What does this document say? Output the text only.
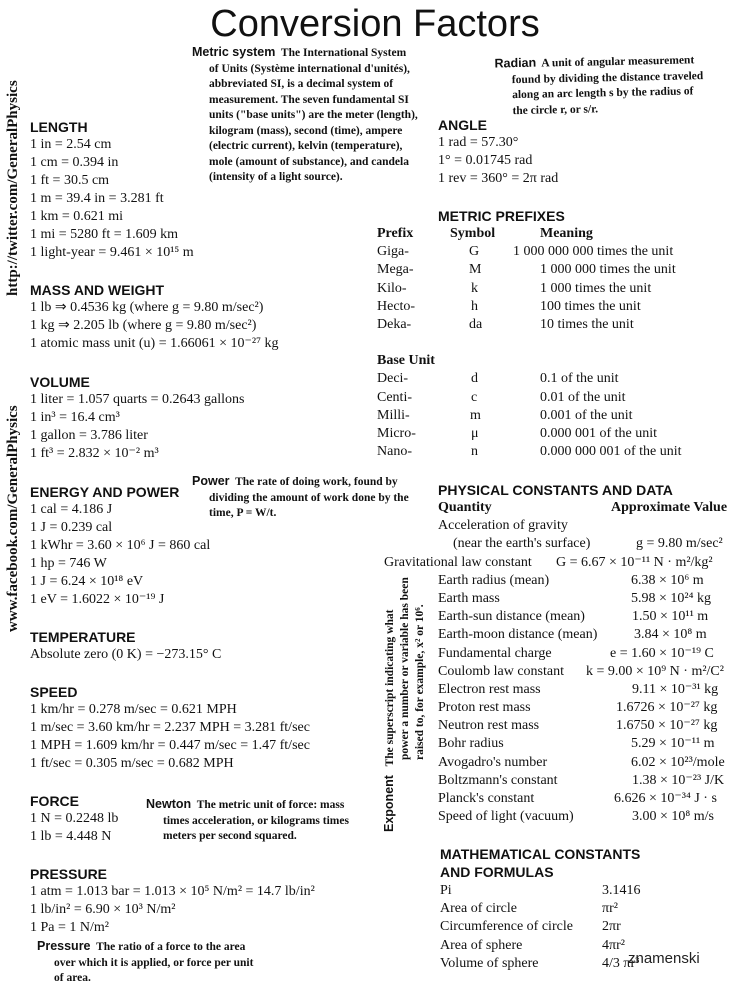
Conversion Factors
http://twitter.com/GeneralPhysics
www.facebook.com/GeneralPhysics
LENGTH
1 in = 2.54 cm
1 cm = 0.394 in
1 ft = 30.5 cm
1 m = 39.4 in = 3.281 ft
1 km = 0.621 mi
1 mi = 5280 ft = 1.609 km
1 light-year = 9.461 × 10¹⁵ m
MASS AND WEIGHT
1 lb ⇒ 0.4536 kg (where g = 9.80 m/sec²)
1 kg ⇒ 2.205 lb (where g = 9.80 m/sec²)
1 atomic mass unit (u) = 1.66061 × 10⁻²⁷ kg
VOLUME
1 liter = 1.057 quarts = 0.2643 gallons
1 in³ = 16.4 cm³
1 gallon = 3.786 liter
1 ft³ = 2.832 × 10⁻² m³
ENERGY AND POWER
1 cal = 4.186 J
1 J = 0.239 cal
1 kWhr = 3.60 × 10⁶ J = 860 cal
1 hp = 746 W
1 J = 6.24 × 10¹⁸ eV
1 eV = 1.6022 × 10⁻¹⁹ J
TEMPERATURE
Absolute zero (0 K) = −273.15° C
SPEED
1 km/hr = 0.278 m/sec = 0.621 MPH
1 m/sec = 3.60 km/hr = 2.237 MPH = 3.281 ft/sec
1 MPH = 1.609 km/hr = 0.447 m/sec = 1.47 ft/sec
1 ft/sec = 0.305 m/sec = 0.682 MPH
FORCE
1 N = 0.2248 lb
1 lb = 4.448 N
PRESSURE
1 atm = 1.013 bar = 1.013 × 10⁵ N/m² = 14.7 lb/in²
1 lb/in² = 6.90 × 10³ N/m²
1 Pa = 1 N/m²
Metric system The International System
of Units (Système international d'unités),
abbreviated SI, is a decimal system of
measurement. The seven fundamental SI
units ("base units") are the meter (length),
kilogram (mass), second (time), ampere
(electric current), kelvin (temperature),
mole (amount of substance), and candela
(intensity of a light source).
Radian A unit of angular measurement
found by dividing the distance traveled
along an arc length s by the radius of
the circle r, or s/r.
Power The rate of doing work, found by
dividing the amount of work done by the
time, P = W/t.
Newton The metric unit of force: mass
times acceleration, or kilograms times
meters per second squared.
Pressure The ratio of a force to the area
over which it is applied, or force per unit
of area.
Exponent   The superscript indicating what power a number or variable has been raised to, for example, x² or 10⁶.
ANGLE
1 rad = 57.30°
1° = 0.01745 rad
1 rev = 360° = 2π rad
METRIC PREFIXES
Prefix	Symbol	Meaning
Giga-	G 1 000 000 000 times the unit
Mega-	M	1 000 000 times the unit
Kilo-	k	1 000 times the unit
Hecto-	h	100 times the unit
Deka-	da	10 times the unit
Base Unit
Deci-	d	0.1 of the unit
Centi-	c	0.01 of the unit
Milli-	m	0.001 of the unit
Micro-	μ	0.000 001 of the unit
Nano-	n	0.000 000 001 of the unit
PHYSICAL CONSTANTS AND DATA
Quantity	Approximate Value
Acceleration of gravity
(near the earth's surface)	g = 9.80 m/sec²
Gravitational law constant G = 6.67 × 10⁻¹¹ N · m²/kg²
Earth radius (mean)	6.38 × 10⁶ m
Earth mass	5.98 × 10²⁴ kg
Earth-sun distance (mean)	1.50 × 10¹¹ m
Earth-moon distance (mean)	3.84 × 10⁸ m
Fundamental charge	e = 1.60 × 10⁻¹⁹ C
Coulomb law constant k = 9.00 × 10⁹ N · m²/C²
Electron rest mass	9.11 × 10⁻³¹ kg
Proton rest mass	1.6726 × 10⁻²⁷ kg
Neutron rest mass	1.6750 × 10⁻²⁷ kg
Bohr radius	5.29 × 10⁻¹¹ m
Avogadro's number	6.02 × 10²³/mole
Boltzmann's constant	1.38 × 10⁻²³ J/K
Planck's constant	6.626 × 10⁻³⁴ J · s
Speed of light (vacuum)	3.00 × 10⁸ m/s
MATHEMATICAL CONSTANTS
AND FORMULAS
Pi	3.1416
Area of circle	πr²
Circumference of circle 2πr
Area of sphere	4πr²
Volume of sphere	4/3 πr³
znamenski
